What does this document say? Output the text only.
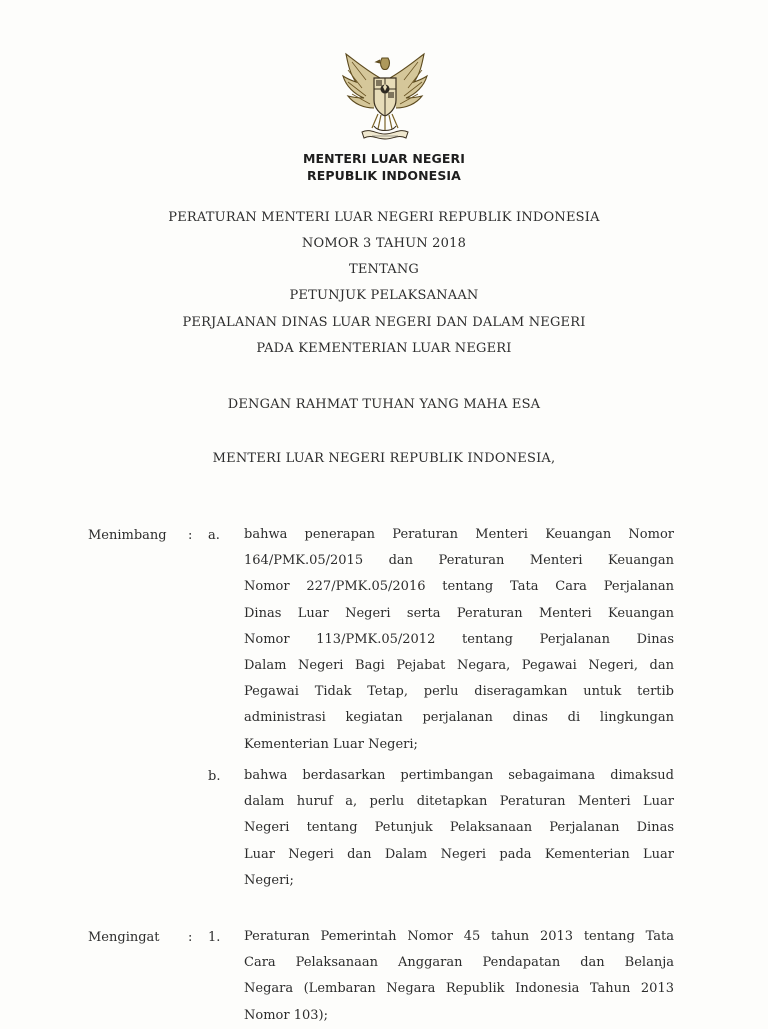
MENTERI LUAR NEGERI
REPUBLIK INDONESIA
PERATURAN MENTERI LUAR NEGERI REPUBLIK INDONESIA
NOMOR 3 TAHUN 2018
TENTANG
PETUNJUK PELAKSANAAN
PERJALANAN DINAS LUAR NEGERI DAN DALAM NEGERI
PADA KEMENTERIAN LUAR NEGERI
DENGAN RAHMAT TUHAN YANG MAHA ESA
MENTERI LUAR NEGERI REPUBLIK INDONESIA,
Menimbang : a. bahwa penerapan Peraturan Menteri Keuangan Nomor
164/PMK.05/2015 dan Peraturan Menteri Keuangan
Nomor 227/PMK.05/2016 tentang Tata Cara Perjalanan
Dinas Luar Negeri serta Peraturan Menteri Keuangan
Nomor 113/PMK.05/2012 tentang Perjalanan Dinas
Dalam Negeri Bagi Pejabat Negara, Pegawai Negeri, dan
Pegawai Tidak Tetap, perlu diseragamkan untuk tertib
administrasi kegiatan perjalanan dinas di lingkungan
Kementerian Luar Negeri;
b. bahwa berdasarkan pertimbangan sebagaimana dimaksud
dalam huruf a, perlu ditetapkan Peraturan Menteri Luar
Negeri tentang Petunjuk Pelaksanaan Perjalanan Dinas
Luar Negeri dan Dalam Negeri pada Kementerian Luar
Negeri;
Mengingat : 1. Peraturan Pemerintah Nomor 45 tahun 2013 tentang Tata
Cara Pelaksanaan Anggaran Pendapatan dan Belanja
Negara (Lembaran Negara Republik Indonesia Tahun 2013
Nomor 103);
